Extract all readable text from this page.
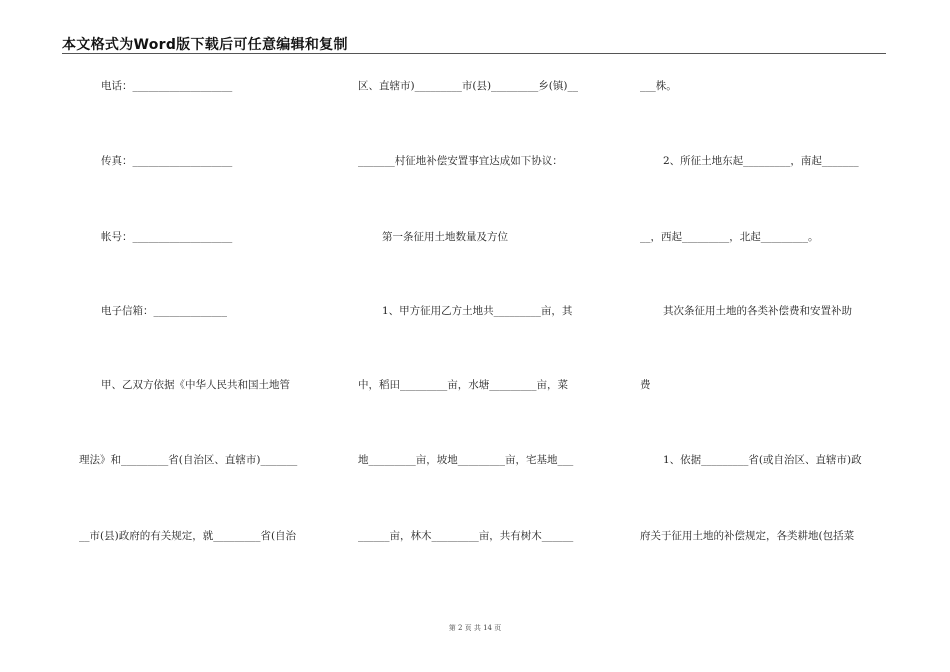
本文格式为Word版下载后可任意编辑和复制
电话：___________________
传真：___________________
帐号：___________________
电子信箱：______________
甲、乙双方依据《中华人民共和国土地管
理法》和_________省(自治区、直辖市)_______
__市(县)政府的有关规定，就_________省(自治
区、直辖市)_________市(县)_________乡(镇)__
_______村征地补偿安置事宜达成如下协议：
第一条征用土地数量及方位
1、甲方征用乙方土地共_________亩，其
中，稻田_________亩，水塘_________亩，菜
地_________亩，坡地_________亩，宅基地___
______亩，林木_________亩，共有树木______
___株。
2、所征土地东起_________，南起_______
__，西起_________，北起_________。
其次条征用土地的各类补偿费和安置补助
费
1、依据_________省(或自治区、直辖市)政
府关于征用土地的补偿规定，各类耕地(包括菜
第 2 页 共 14 页
